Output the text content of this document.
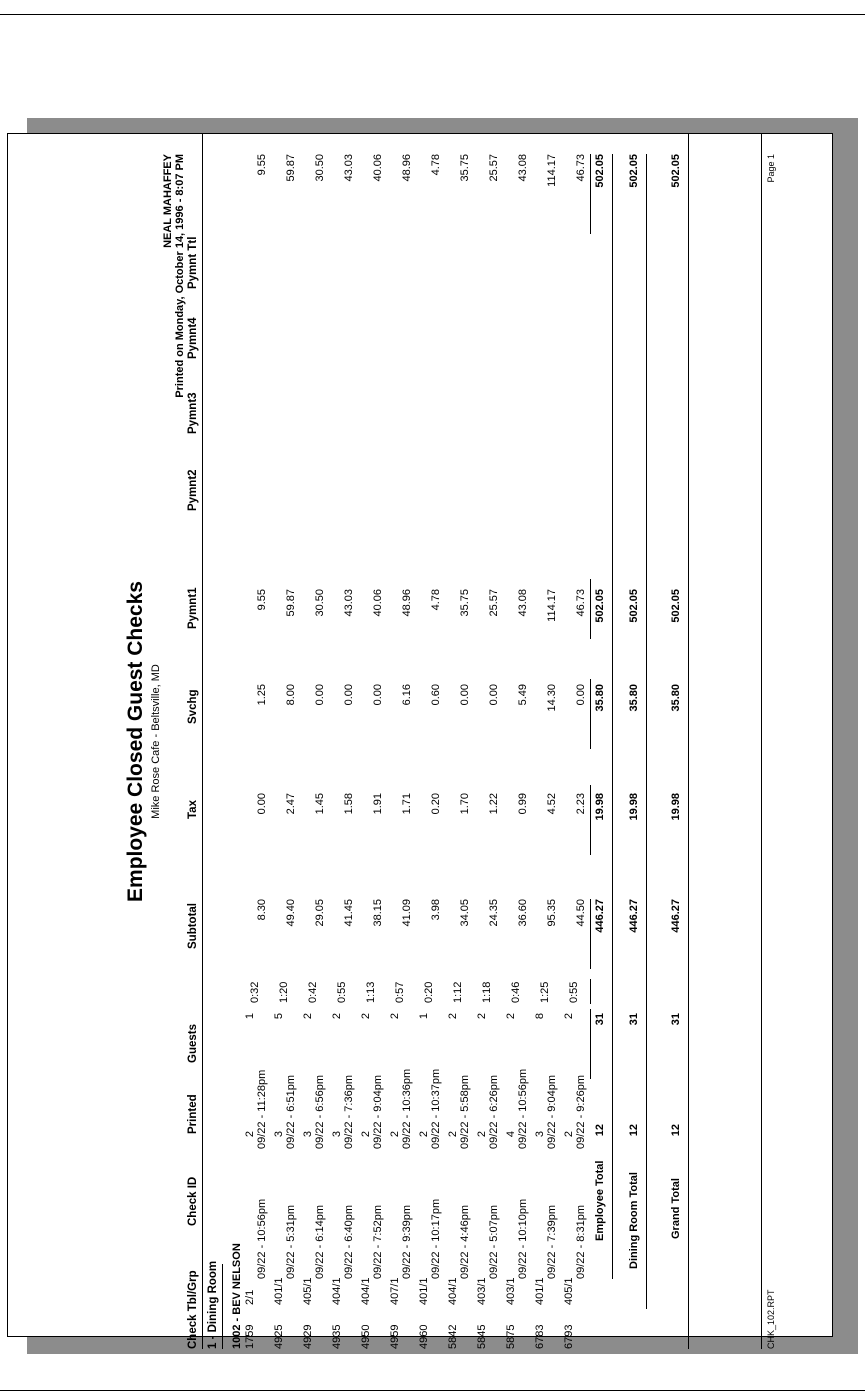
Employee Closed Guest Checks Mike Rose Cafe - Beltsville, MD
NEAL MAHAFFEY Printed on Monday, October 14, 1996 - 8:07 PM
Check Tbl/Grp
Check ID
Printed
Guests
Subtotal
Tax
Svchg
Pymnt1
Pymnt2
Pymnt3
Pymnt4
Pymnt Ttl
1 - Dining Room 1002 - BEV NELSON 1759
2/1
09/22 - 10:56pm
2 09/22 - 11:28pm
1
0:32
8.30
0.00
1.25
9.55
9.55
4925
401/1
09/22 - 5:31pm
3 09/22 - 6:51pm
5
1:20
49.40
2.47
8.00
59.87
59.87
4929
405/1
09/22 - 6:14pm
3 09/22 - 6:56pm
2
0:42
29.05
1.45
0.00
30.50
30.50
4935
404/1
09/22 - 6:40pm
3 09/22 - 7:36pm
2
0:55
41.45
1.58
0.00
43.03
43.03
4950
404/1
09/22 - 7:52pm
2 09/22 - 9:04pm
2
1:13
38.15
1.91
0.00
40.06
40.06
4959
407/1
09/22 - 9:39pm
2 09/22 - 10:36pm
2
0:57
41.09
1.71
6.16
48.96
48.96
4960
401/1
09/22 - 10:17pm
2 09/22 - 10:37pm
1
0:20
3.98
0.20
0.60
4.78
4.78
5842
404/1
09/22 - 4:46pm
2 09/22 - 5:58pm
2
1:12
34.05
1.70
0.00
35.75
35.75
5845
403/1
09/22 - 5:07pm
2 09/22 - 6:26pm
2
1:18
24.35
1.22
0.00
25.57
25.57
5875
403/1
09/22 - 10:10pm
4 09/22 - 10:56pm
2
0:46
36.60
0.99
5.49
43.08
43.08
6783
401/1
09/22 - 7:39pm
3 09/22 - 9:04pm
8
1:25
95.35
4.52
14.30
114.17
114.17
6793
405/1
09/22 - 8:31pm
2 09/22 - 9:26pm
2
0:55
44.50
2.23
0.00
46.73
46.73
Employee Total
12
31
446.27
19.98
35.80
502.05
502.05
Dining Room Total
12
31
446.27
19.98
35.80
502.05
502.05
Grand Total
12
31
446.27
19.98
35.80
502.05
502.05
CHK_102.RPT
Page 1
